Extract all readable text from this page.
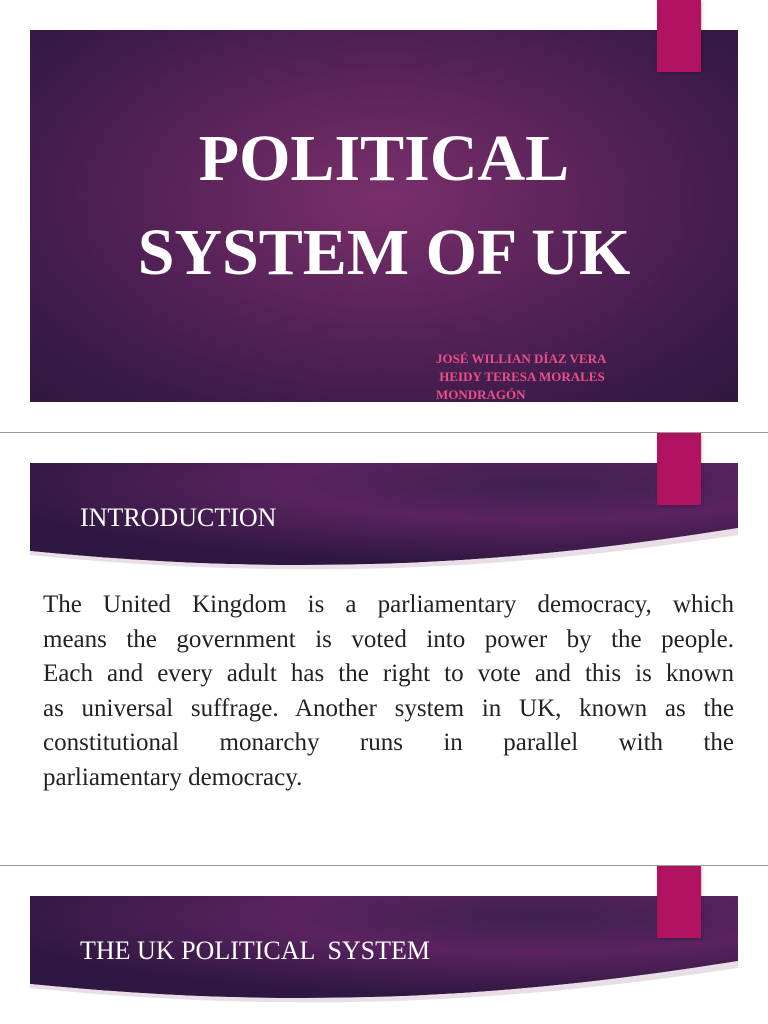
POLITICAL
SYSTEM OF UK
JOSÉ WILLIAN DÍAZ VERA
HEIDY TERESA MORALES
MONDRAGÓN
INTRODUCTION
The United Kingdom is a parliamentary democracy, which
means the government is voted into power by the people.
Each and every adult has the right to vote and this is known
as universal suffrage. Another system in UK, known as the
constitutional monarchy runs in parallel with the
parliamentary democracy.
THE UK POLITICAL  SYSTEM
